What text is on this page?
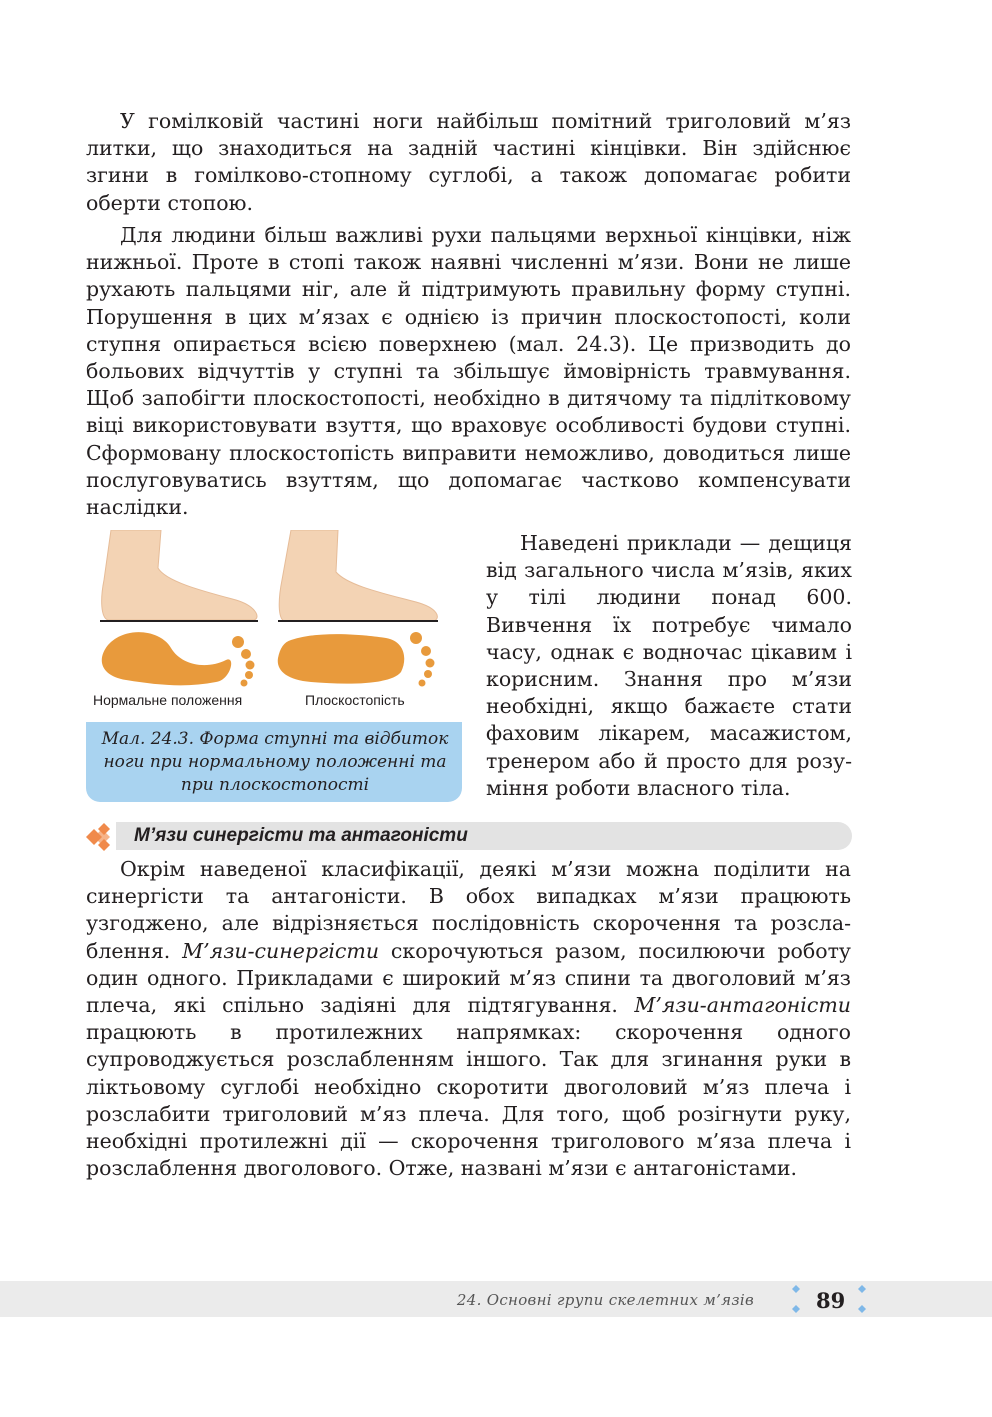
У гомілковій частині ноги найбільш помітний триголовий м’яз литки, що знаходиться на задній частині кінцівки. Він здійснює згини в гомілково-стопному суглобі, а також допомагає робити оберти стопою.

Для людини більш важливі рухи пальцями верхньої кінцівки, ніж нижньої. Проте в стопі також наявні численні м’язи. Вони не лише рухають пальцями ніг, але й підтримують правильну форму ступні. Порушення в цих м’язах є однією із причин плоскостопості, коли ступня опирається всією поверхнею (мал. 24.3). Це призводить до больових відчуттів у ступні та збільшує ймовірність травмування. Щоб запобігти плоскостопості, необхідно в дитячому та підлітковому віці використовувати взуття, що враховує особливості будови ступні. Сформовану плоскостопість виправити неможливо, доводиться лише послуговуватись взуттям, що допомагає частково компенсувати наслідки.

Нормальне положення	Плоскостопість
Мал. 24.3. Форма ступні та відбиток ноги при нормальному положенні та при плоскостопості

Наведені приклади — дещиця від загального числа м’язів, яких у тілі людини понад 600. Вивчення їх потребує чимало часу, однак є водночас цікавим і корисним. Знання про м’язи необхідні, якщо бажаєте стати фаховим лікарем, масажистом, тренером або й просто для розуміння роботи власного тіла.

М’язи синергісти та антагоністи

Окрім наведеної класифікації, деякі м’язи можна поділити на синергісти та антагоністи. В обох випадках м’язи працюють узгоджено, але відрізняється послідовність скорочення та розслаблення. М’язи-синергісти скорочуються разом, посилюючи роботу один одного. Прикладами є широкий м’яз спини та двоголовий м’яз плеча, які спільно задіяні для підтягування. М’язи-антагоністи працюють в протилежних напрямках: скорочення одного супроводжується розслабленням іншого. Так для згинання руки в ліктьовому суглобі необхідно скоротити двоголовий м’яз плеча і розслабити триголовий м’яз плеча. Для того, щоб розігнути руку, необхідні протилежні дії — скорочення триголового м’яза плеча і розслаблення двоголового. Отже, названі м’язи є антагоністами.

24. Основні групи скелетних м’язів	89
